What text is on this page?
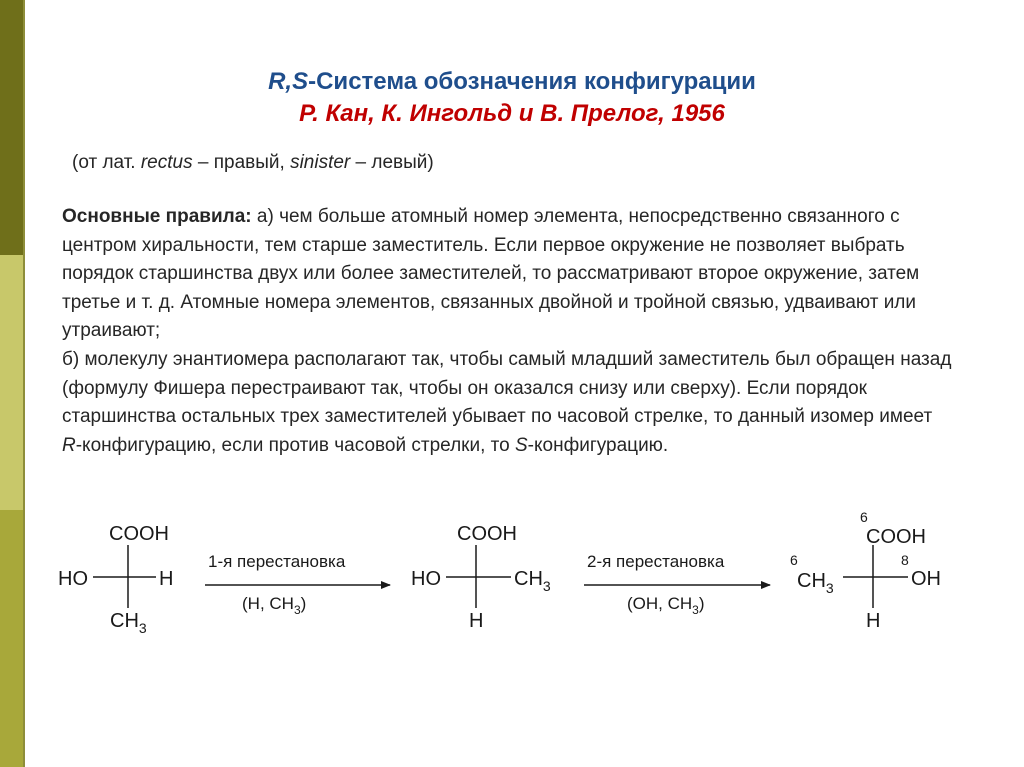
R,S-Система обозначения конфигурации
Р. Кан, К. Ингольд и В. Прелог, 1956
(от лат. rectus – правый, sinister – левый)
Основные правила: а) чем больше атомный номер элемента, непосредственно связанного с центром хиральности, тем старше заместитель. Если первое окружение не позволяет выбрать порядок старшинства двух или более заместителей, то рассматривают второе окружение, затем третье и т. д. Атомные номера элементов, связанных двойной и тройной связью, удваивают или утраивают;
б) молекулу энантиомера располагают так, чтобы самый младший заместитель был обращен назад (формулу Фишера перестраивают так, чтобы он оказался снизу или сверху). Если порядок старшинства остальных трех заместителей убывает по часовой стрелке, то данный изомер имеет R-конфигурацию, если против часовой стрелки, то S-конфигурацию.
COOH
HO	H
$CH_3$
1-я перестановка
(H, $CH_3$)
COOH
HO	$CH_3$
H
2-я перестановка
(OH, $CH_3$)
6
COOH
6
$CH_3$
8
OH
H
